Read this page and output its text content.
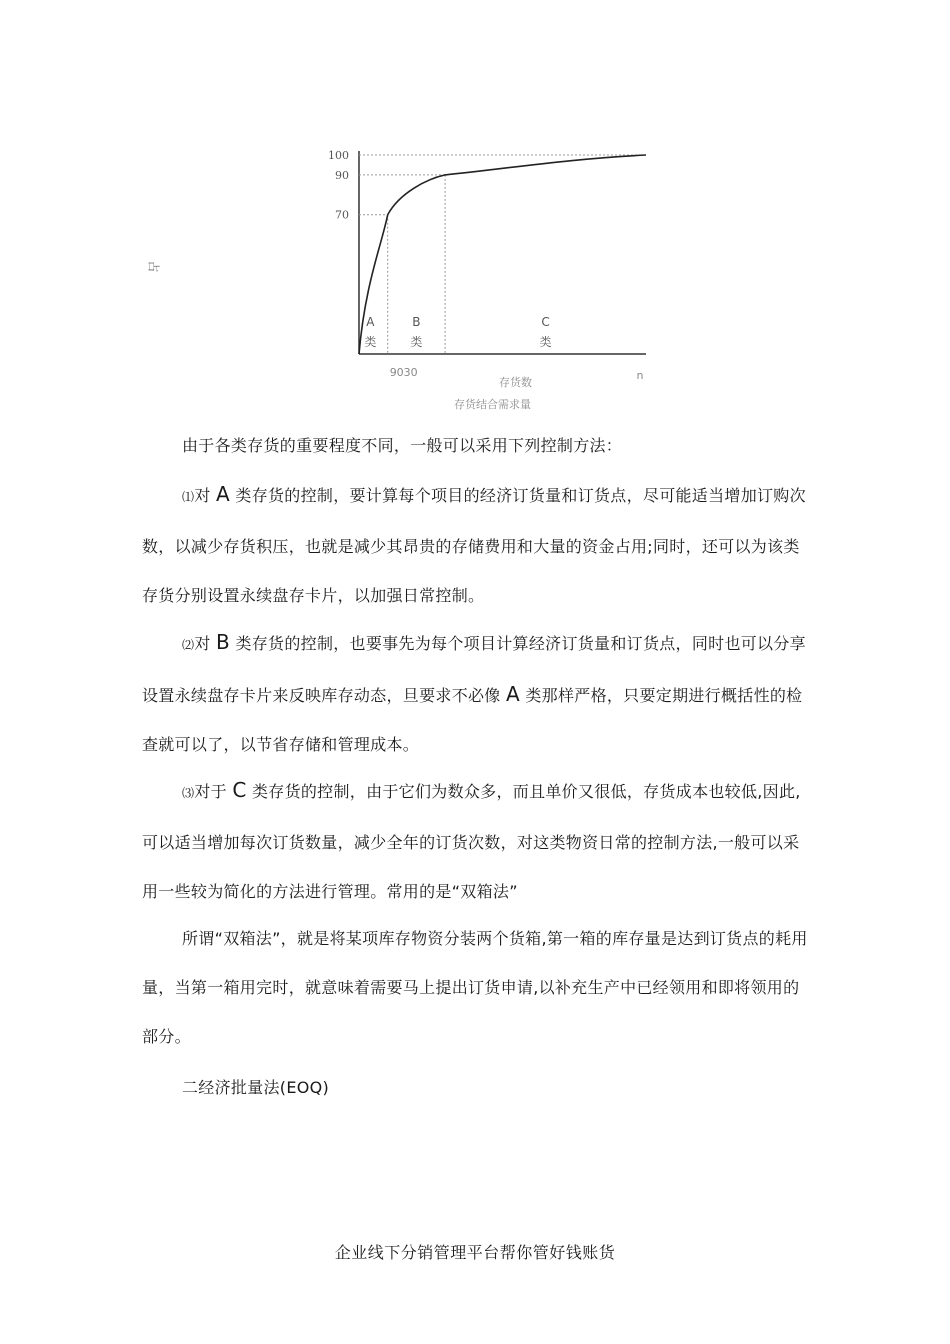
占
100
90
70
A
类
B
类
C
类
9030	n
存货数
存货结合需求量

由于各类存货的重要程度不同，一般可以采用下列控制方法：

⑴对 A 类存货的控制，要计算每个项目的经济订货量和订货点，尽可能适当增加订购次数，以减少存货积压，也就是减少其昂贵的存储费用和大量的资金占用;同时，还可以为该类存货分别设置永续盘存卡片，以加强日常控制。

⑵对 B 类存货的控制，也要事先为每个项目计算经济订货量和订货点，同时也可以分享设置永续盘存卡片来反映库存动态，旦要求不必像 A 类那样严格，只要定期进行概括性的检查就可以了，以节省存储和管理成本。

⑶对于 C 类存货的控制，由于它们为数众多，而且单价又很低，存货成本也较低,因此,可以适当增加每次订货数量，减少全年的订货次数，对这类物资日常的控制方法,一般可以采用一些较为简化的方法进行管理。常用的是“双箱法”

所谓“双箱法”，就是将某项库存物资分装两个货箱,第一箱的库存量是达到订货点的耗用量，当第一箱用完时，就意味着需要马上提出订货申请,以补充生产中已经领用和即将领用的部分。

二经济批量法(EOQ)

企业线下分销管理平台帮你管好钱账货
